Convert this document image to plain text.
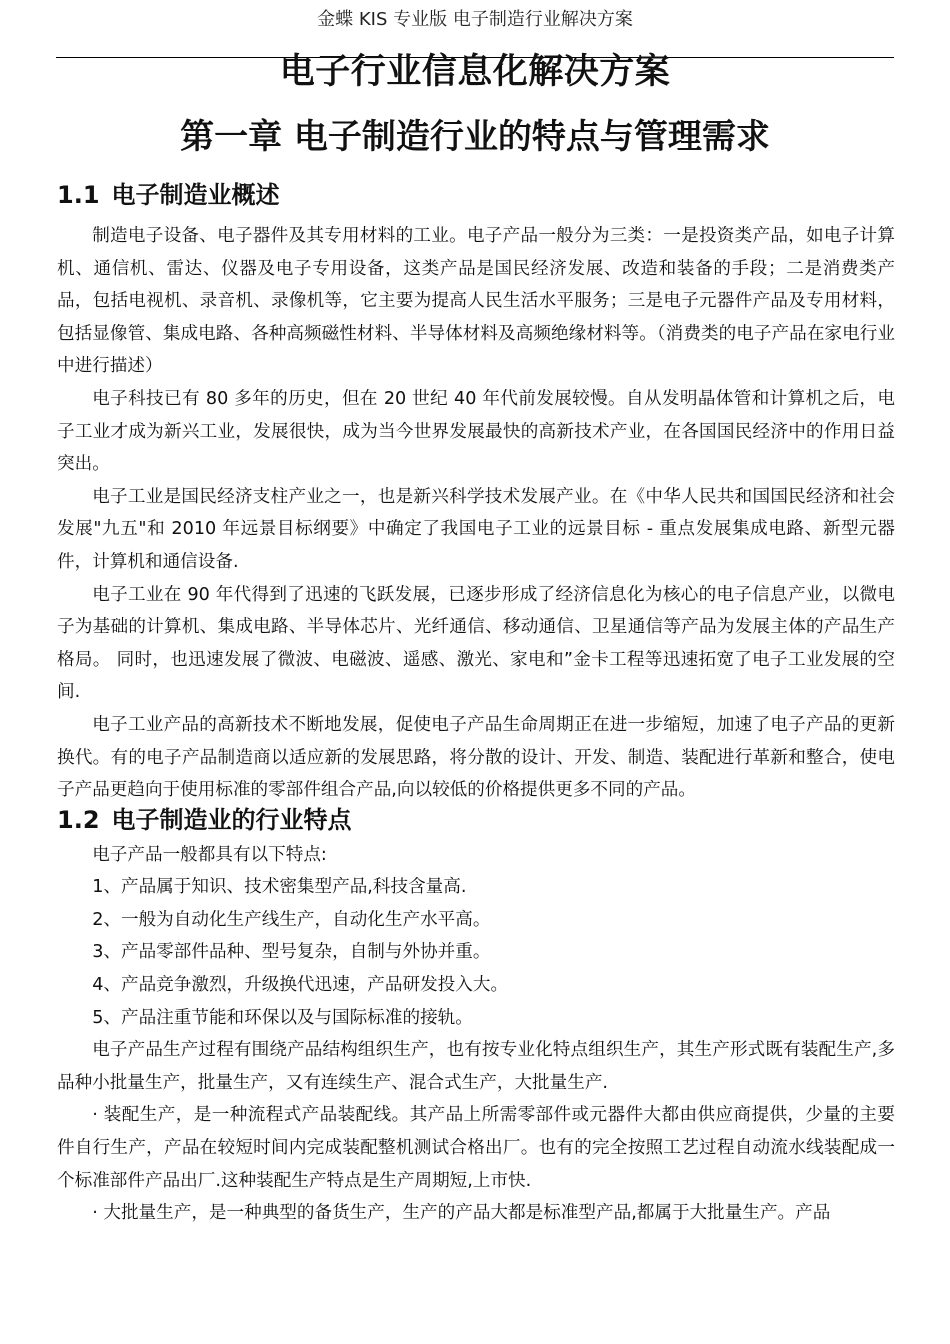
金蝶 KIS 专业版 电子制造行业解决方案
电子行业信息化解决方案
第一章 电子制造行业的特点与管理需求
1.1 电子制造业概述

制造电子设备、电子器件及其专用材料的工业。电子产品一般分为三类：一是投资类产品，如电子计算机、通信机、雷达、仪器及电子专用设备，这类产品是国民经济发展、改造和装备的手段；二是消费类产品，包括电视机、录音机、录像机等，它主要为提高人民生活水平服务；三是电子元器件产品及专用材料，包括显像管、集成电路、各种高频磁性材料、半导体材料及高频绝缘材料等。（消费类的电子产品在家电行业中进行描述）

电子科技已有 80 多年的历史，但在 20 世纪 40 年代前发展较慢。自从发明晶体管和计算机之后，电子工业才成为新兴工业，发展很快，成为当今世界发展最快的高新技术产业，在各国国民经济中的作用日益突出。

电子工业是国民经济支柱产业之一，也是新兴科学技术发展产业。在《中华人民共和国国民经济和社会发展"九五"和 2010 年远景目标纲要》中确定了我国电子工业的远景目标 - 重点发展集成电路、新型元器件，计算机和通信设备.

电子工业在 90 年代得到了迅速的飞跃发展，已逐步形成了经济信息化为核心的电子信息产业，以微电子为基础的计算机、集成电路、半导体芯片、光纤通信、移动通信、卫星通信等产品为发展主体的产品生产格局。 同时，也迅速发展了微波、电磁波、遥感、激光、家电和”金卡工程等迅速拓宽了电子工业发展的空间.

电子工业产品的高新技术不断地发展，促使电子产品生命周期正在进一步缩短，加速了电子产品的更新换代。有的电子产品制造商以适应新的发展思路，将分散的设计、开发、制造、装配进行革新和整合，使电子产品更趋向于使用标准的零部件组合产品,向以较低的价格提供更多不同的产品。

1.2 电子制造业的行业特点

电子产品一般都具有以下特点:

1、产品属于知识、技术密集型产品,科技含量高.

2、一般为自动化生产线生产，自动化生产水平高。

3、产品零部件品种、型号复杂，自制与外协并重。

4、产品竞争激烈，升级换代迅速，产品研发投入大。

5、产品注重节能和环保以及与国际标准的接轨。

电子产品生产过程有围绕产品结构组织生产，也有按专业化特点组织生产，其生产形式既有装配生产,多品种小批量生产，批量生产，又有连续生产、混合式生产，大批量生产.

· 装配生产，是一种流程式产品装配线。其产品上所需零部件或元器件大都由供应商提供，少量的主要件自行生产，产品在较短时间内完成装配整机测试合格出厂。也有的完全按照工艺过程自动流水线装配成一个标准部件产品出厂.这种装配生产特点是生产周期短,上市快.

· 大批量生产，是一种典型的备货生产，生产的产品大都是标准型产品,都属于大批量生产。产品
